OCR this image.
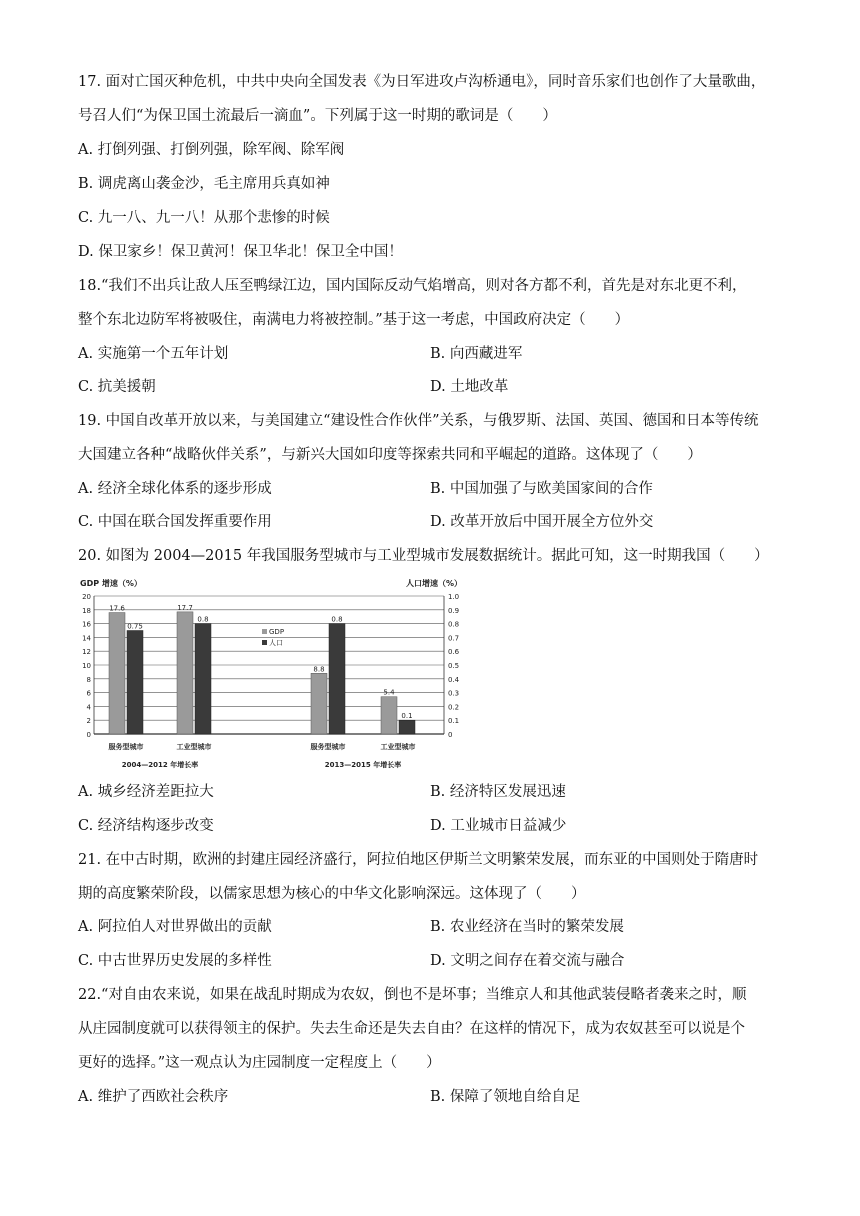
17. 面对亡国灭种危机，中共中央向全国发表《为日军进攻卢沟桥通电》，同时音乐家们也创作了大量歌曲，
号召人们“为保卫国土流最后一滴血”。下列属于这一时期的歌词是（　　）
A. 打倒列强、打倒列强，除军阀、除军阀
B. 调虎离山袭金沙，毛主席用兵真如神
C. 九一八、九一八！从那个悲惨的时候
D. 保卫家乡！保卫黄河！保卫华北！保卫全中国！
18.“我们不出兵让敌人压至鸭绿江边，国内国际反动气焰增高，则对各方都不利，首先是对东北更不利，
整个东北边防军将被吸住，南满电力将被控制。”基于这一考虑，中国政府决定（　　）
A. 实施第一个五年计划	B. 向西藏进军
C. 抗美援朝	D. 土地改革
19. 中国自改革开放以来，与美国建立“建设性合作伙伴”关系，与俄罗斯、法国、英国、德国和日本等传统
大国建立各种“战略伙伴关系”，与新兴大国如印度等探索共同和平崛起的道路。这体现了（　　）
A. 经济全球化体系的逐步形成	B. 中国加强了与欧美国家间的合作
C. 中国在联合国发挥重要作用	D. 改革开放后中国开展全方位外交
20. 如图为 2004—2015 年我国服务型城市与工业型城市发展数据统计。据此可知，这一时期我国（　　）
GDP 增速（%）	人口增速（%）
0
2
4
6
8
10
12
14
16
18
20
0
0.1
0.2
0.3
0.4
0.5
0.6
0.7
0.8
0.9
1.0
17.6
0.75
17.7
0.8
8.8
0.8
5.4
0.1
服务型城市	工业型城市	服务型城市	工业型城市
2004—2012 年增长率	2013—2015 年增长率
GDP
人口
A. 城乡经济差距拉大	B. 经济特区发展迅速
C. 经济结构逐步改变	D. 工业城市日益减少
21. 在中古时期，欧洲的封建庄园经济盛行，阿拉伯地区伊斯兰文明繁荣发展，而东亚的中国则处于隋唐时
期的高度繁荣阶段，以儒家思想为核心的中华文化影响深远。这体现了（　　）
A. 阿拉伯人对世界做出的贡献	B. 农业经济在当时的繁荣发展
C. 中古世界历史发展的多样性	D. 文明之间存在着交流与融合
22.“对自由农来说，如果在战乱时期成为农奴，倒也不是坏事；当维京人和其他武装侵略者袭来之时，顺
从庄园制度就可以获得领主的保护。失去生命还是失去自由？在这样的情况下，成为农奴甚至可以说是个
更好的选择。”这一观点认为庄园制度一定程度上（　　）
A. 维护了西欧社会秩序	B. 保障了领地自给自足
